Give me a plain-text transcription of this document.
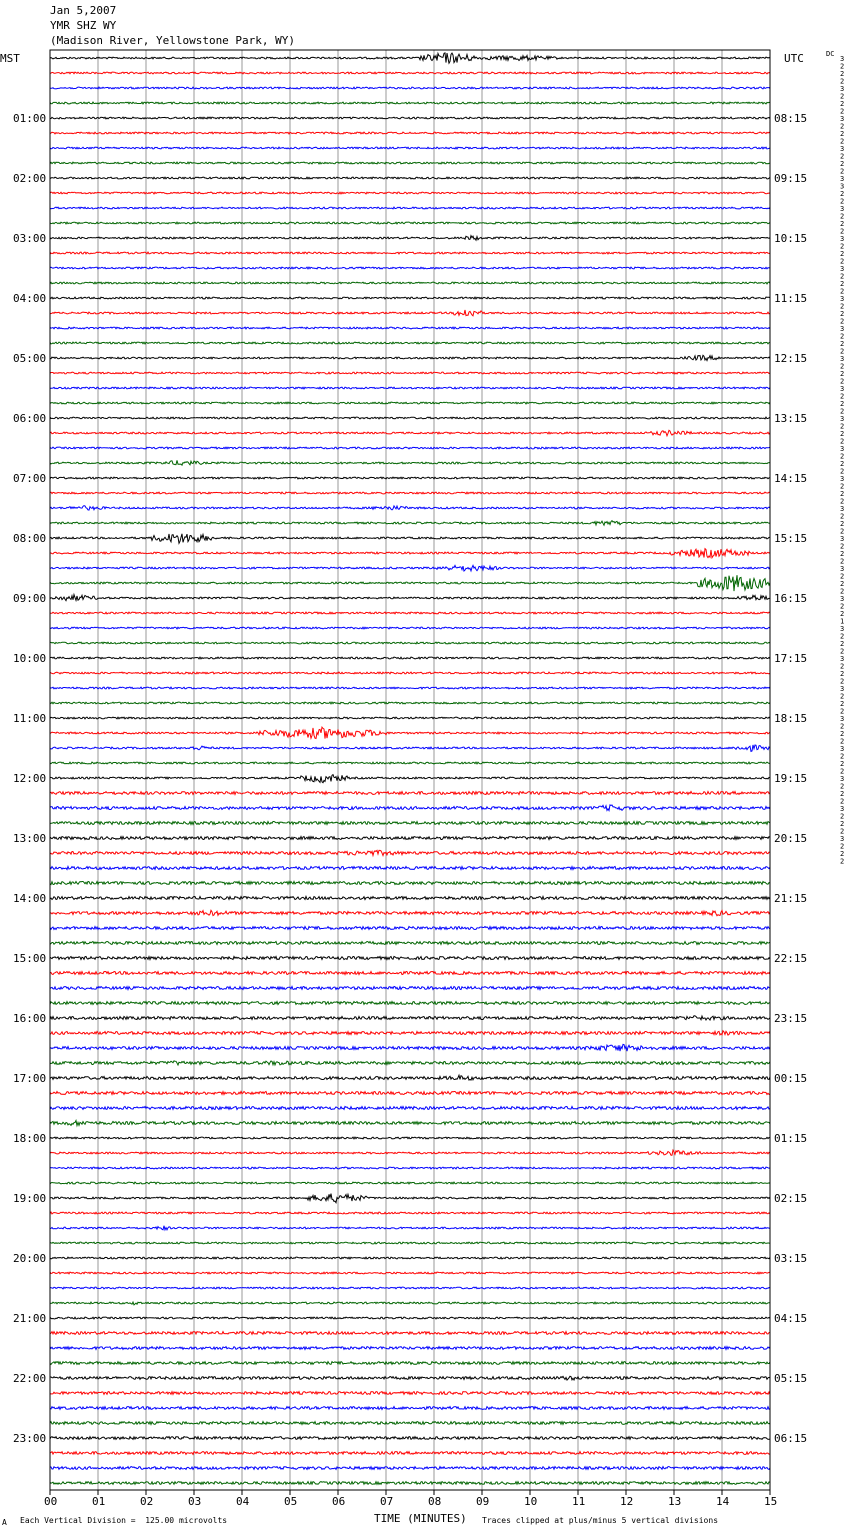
Jan 5,2007
YMR SHZ WY
(Madison River, Yellowstone Park, WY)
MST	UTC
01:00	08:15
02:00	09:15
03:00	10:15
04:00	11:15
05:00	12:15
06:00	13:15
07:00	14:15
08:00	15:15
09:00	16:15
10:00	17:15
11:00	18:15
12:00	19:15
13:00	20:15
14:00	21:15
15:00	22:15
16:00	23:15
17:00	00:15
18:00	01:15
19:00	02:15
20:00	03:15
21:00	04:15
22:00	05:15
23:00	06:15
DC
3
2
2
2
3
2
2
2
3
2
2
2
3
2
2
2
3
3
2
2
3
2
2
2
3
2
2
2
3
2
2
2
3
2
2
2
3
2
2
2
3
2
2
2
3
2
2
2
3
2
2
2
3
2
2
2
3
2
2
2
3
2
2
2
3
2
2
2
3
2
2
2
3
2
2
1
3
2
2
2
3
2
2
2
3
2
2
2
3
2
2
2
3
2
2
2
3
2
2
2
3
2
2
2
3
2
2
2
00	01	02	03	04	05	06	07	08	09	10	11	12	13	14	15
A Each Vertical Division =  125.00 microvolts	TIME (MINUTES) Traces clipped at plus/minus 5 vertical divisions
